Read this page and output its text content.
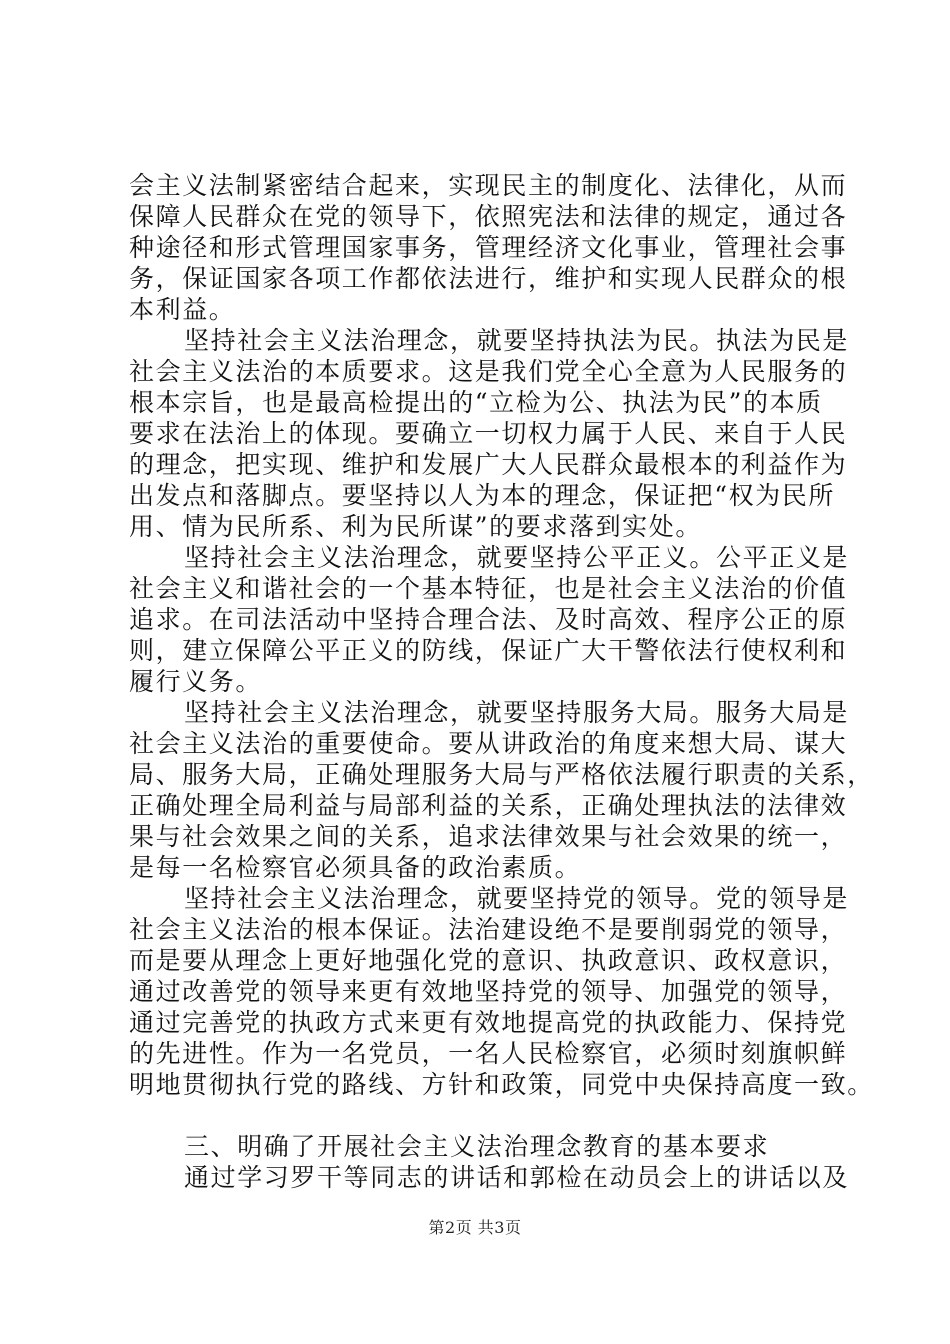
会主义法制紧密结合起来，实现民主的制度化、法律化，从而
保障人民群众在党的领导下，依照宪法和法律的规定，通过各
种途径和形式管理国家事务，管理经济文化事业，管理社会事
务，保证国家各项工作都依法进行，维护和实现人民群众的根
本利益。
坚持社会主义法治理念，就要坚持执法为民。执法为民是
社会主义法治的本质要求。这是我们党全心全意为人民服务的
根本宗旨，也是最高检提出的“立检为公、执法为民”的本质
要求在法治上的体现。要确立一切权力属于人民、来自于人民
的理念，把实现、维护和发展广大人民群众最根本的利益作为
出发点和落脚点。要坚持以人为本的理念，保证把“权为民所
用、情为民所系、利为民所谋”的要求落到实处。
坚持社会主义法治理念，就要坚持公平正义。公平正义是
社会主义和谐社会的一个基本特征，也是社会主义法治的价值
追求。在司法活动中坚持合理合法、及时高效、程序公正的原
则，建立保障公平正义的防线，保证广大干警依法行使权利和
履行义务。
坚持社会主义法治理念，就要坚持服务大局。服务大局是
社会主义法治的重要使命。要从讲政治的角度来想大局、谋大
局、服务大局，正确处理服务大局与严格依法履行职责的关系，
正确处理全局利益与局部利益的关系，正确处理执法的法律效
果与社会效果之间的关系，追求法律效果与社会效果的统一，
是每一名检察官必须具备的政治素质。
坚持社会主义法治理念，就要坚持党的领导。党的领导是
社会主义法治的根本保证。法治建设绝不是要削弱党的领导，
而是要从理念上更好地强化党的意识、执政意识、政权意识，
通过改善党的领导来更有效地坚持党的领导、加强党的领导，
通过完善党的执政方式来更有效地提高党的执政能力、保持党
的先进性。作为一名党员，一名人民检察官，必须时刻旗帜鲜
明地贯彻执行党的路线、方针和政策，同党中央保持高度一致。
三、明确了开展社会主义法治理念教育的基本要求
通过学习罗干等同志的讲话和郭检在动员会上的讲话以及
第2页 共3页
